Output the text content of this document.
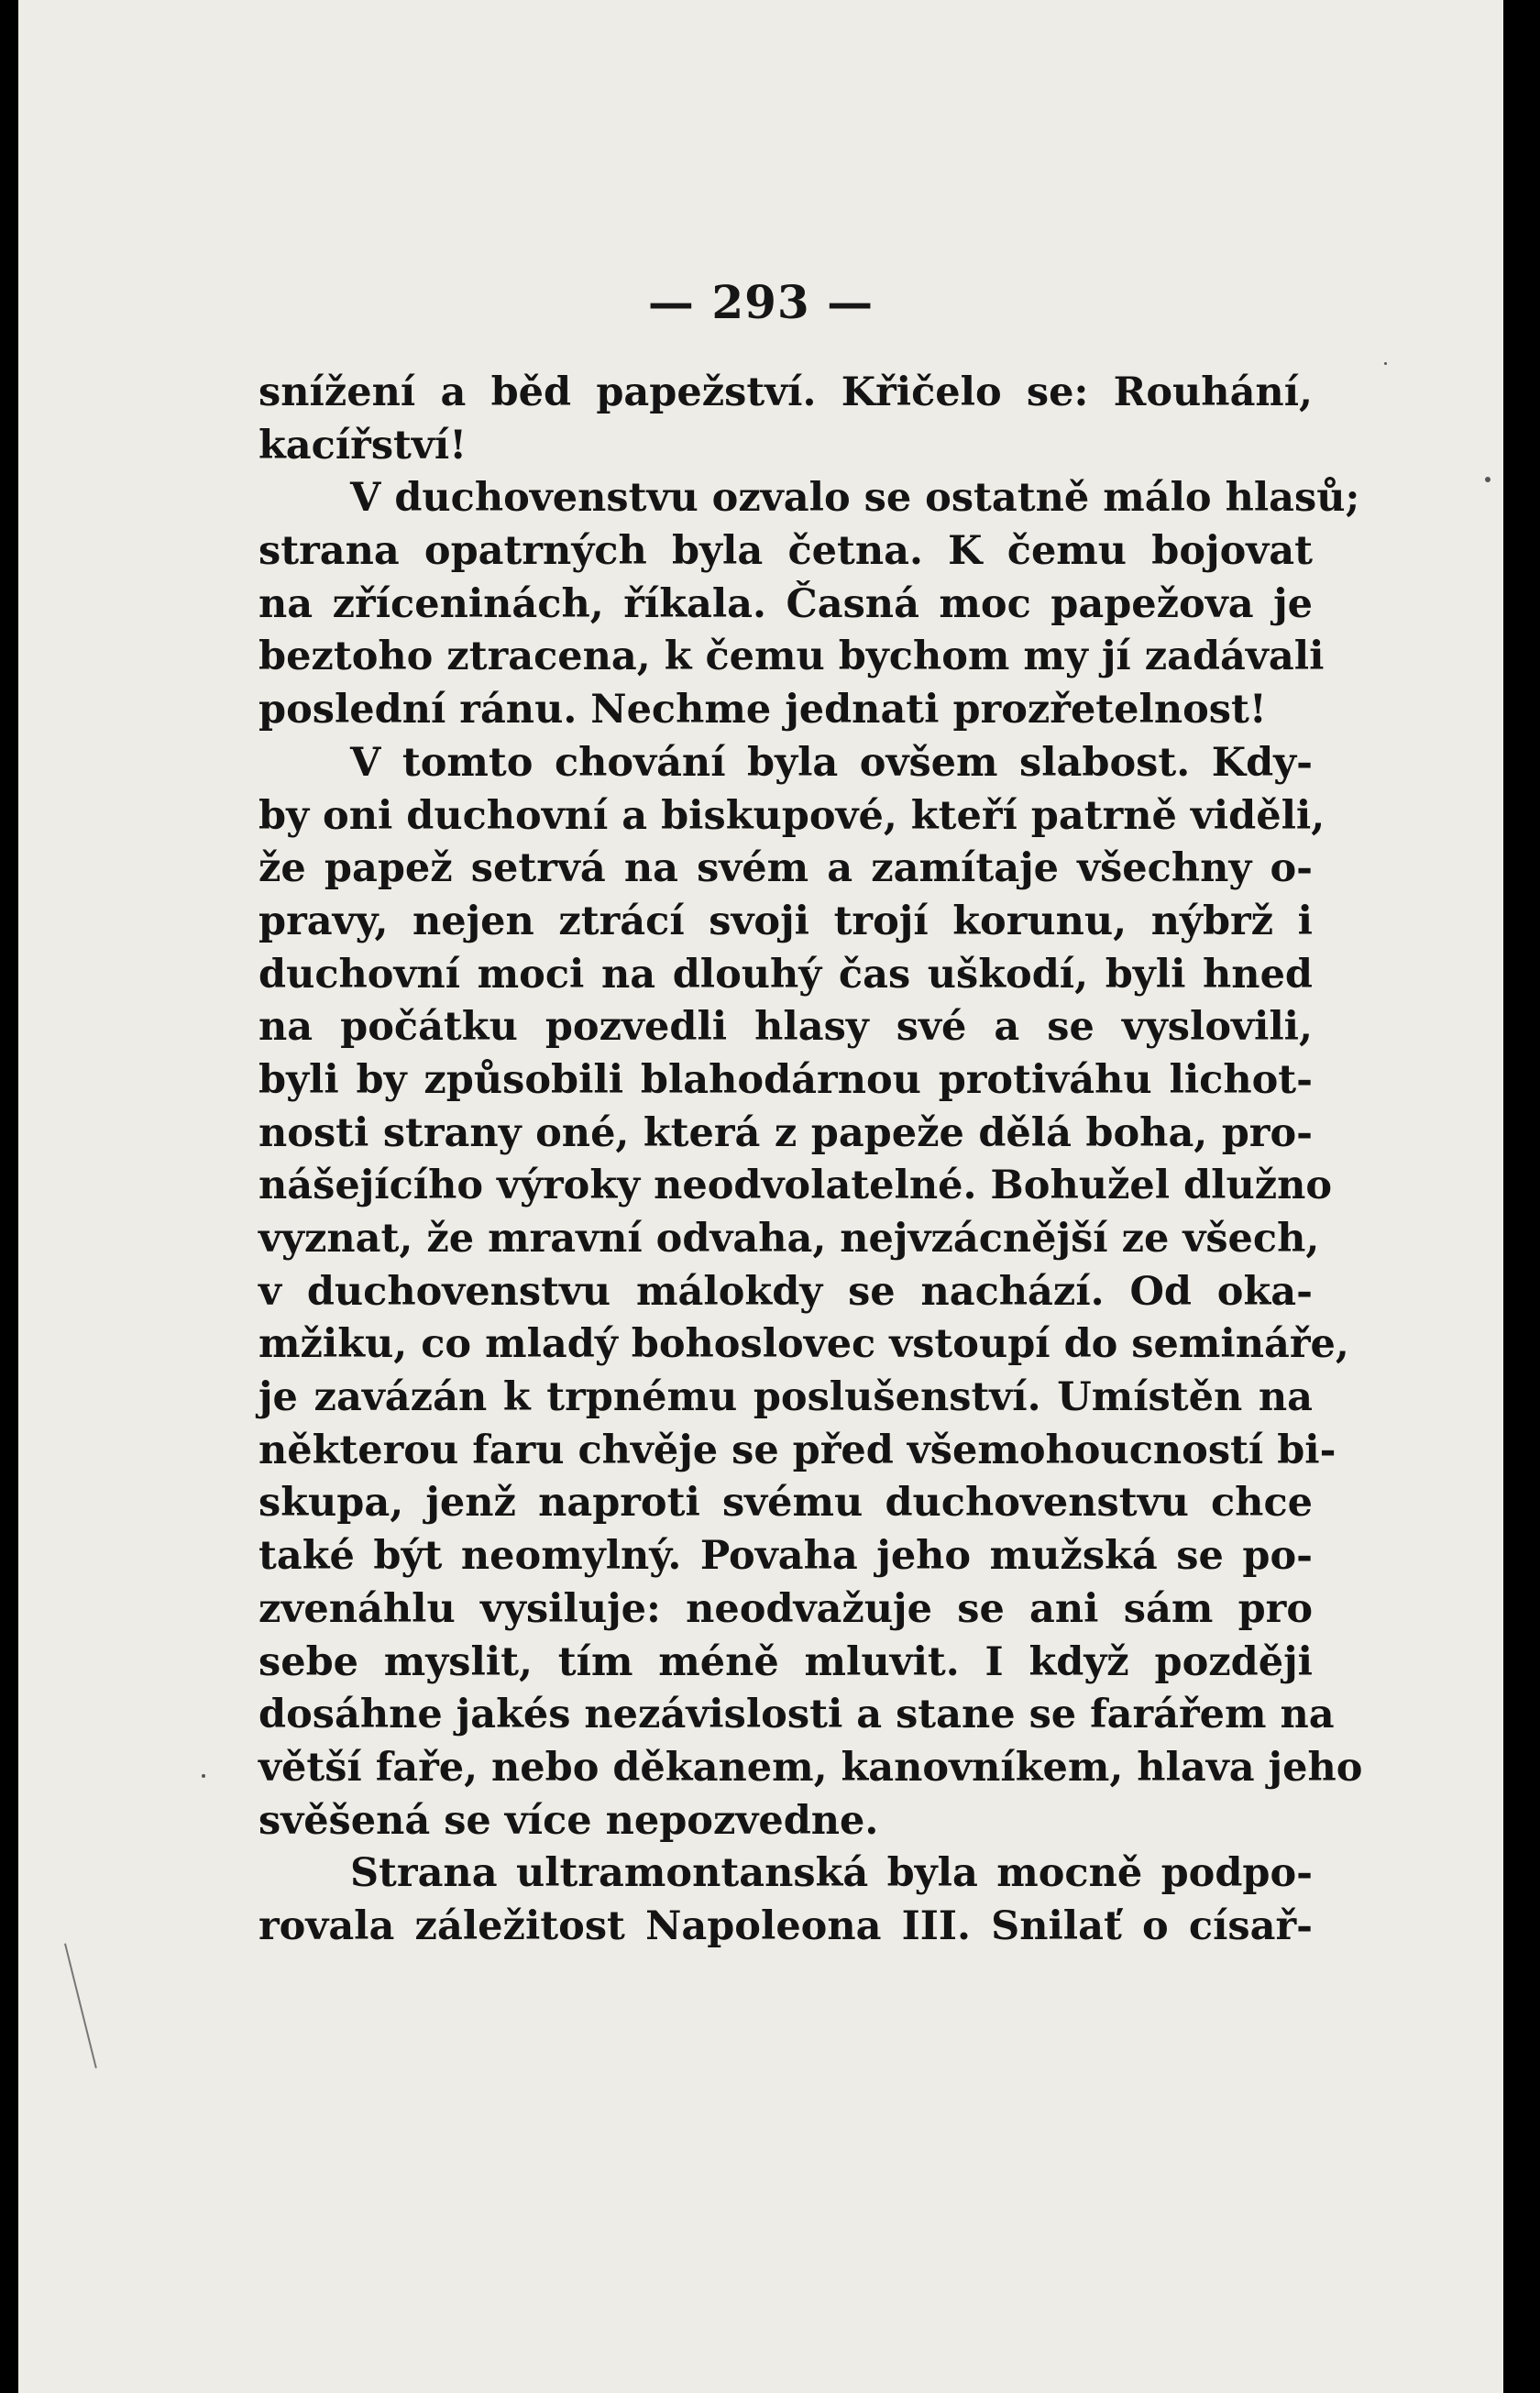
— 293 —
snížení a běd papežství. Křičelo se: Rouhání,
kacířství!
V duchovenstvu ozvalo se ostatně málo hlasů;
strana opatrných byla četna. K čemu bojovat
na zříceninách, říkala. Časná moc papežova je
beztoho ztracena, k čemu bychom my jí zadávali
poslední ránu. Nechme jednati prozřetelnost!
V tomto chování byla ovšem slabost. Kdy-
by oni duchovní a biskupové, kteří patrně viděli,
že papež setrvá na svém a zamítaje všechny o-
pravy, nejen ztrácí svoji trojí korunu, nýbrž i
duchovní moci na dlouhý čas uškodí, byli hned
na počátku pozvedli hlasy své a se vyslovili,
byli by způsobili blahodárnou protiváhu lichot-
nosti strany oné, která z papeže dělá boha, pro-
nášejícího výroky neodvolatelné. Bohužel dlužno
vyznat, že mravní odvaha, nejvzácnější ze všech,
v duchovenstvu málokdy se nachází. Od oka-
mžiku, co mladý bohoslovec vstoupí do semináře,
je zavázán k trpnému poslušenství. Umístěn na
některou faru chvěje se před všemohoucností bi-
skupa, jenž naproti svému duchovenstvu chce
také být neomylný. Povaha jeho mužská se po-
zvenáhlu vysiluje: neodvažuje se ani sám pro
sebe myslit, tím méně mluvit. I když později
dosáhne jakés nezávislosti a stane se farářem na
větší faře, nebo děkanem, kanovníkem, hlava jeho
svěšená se více nepozvedne.
Strana ultramontanská byla mocně podpo-
rovala záležitost Napoleona III. Snilať o císař-
